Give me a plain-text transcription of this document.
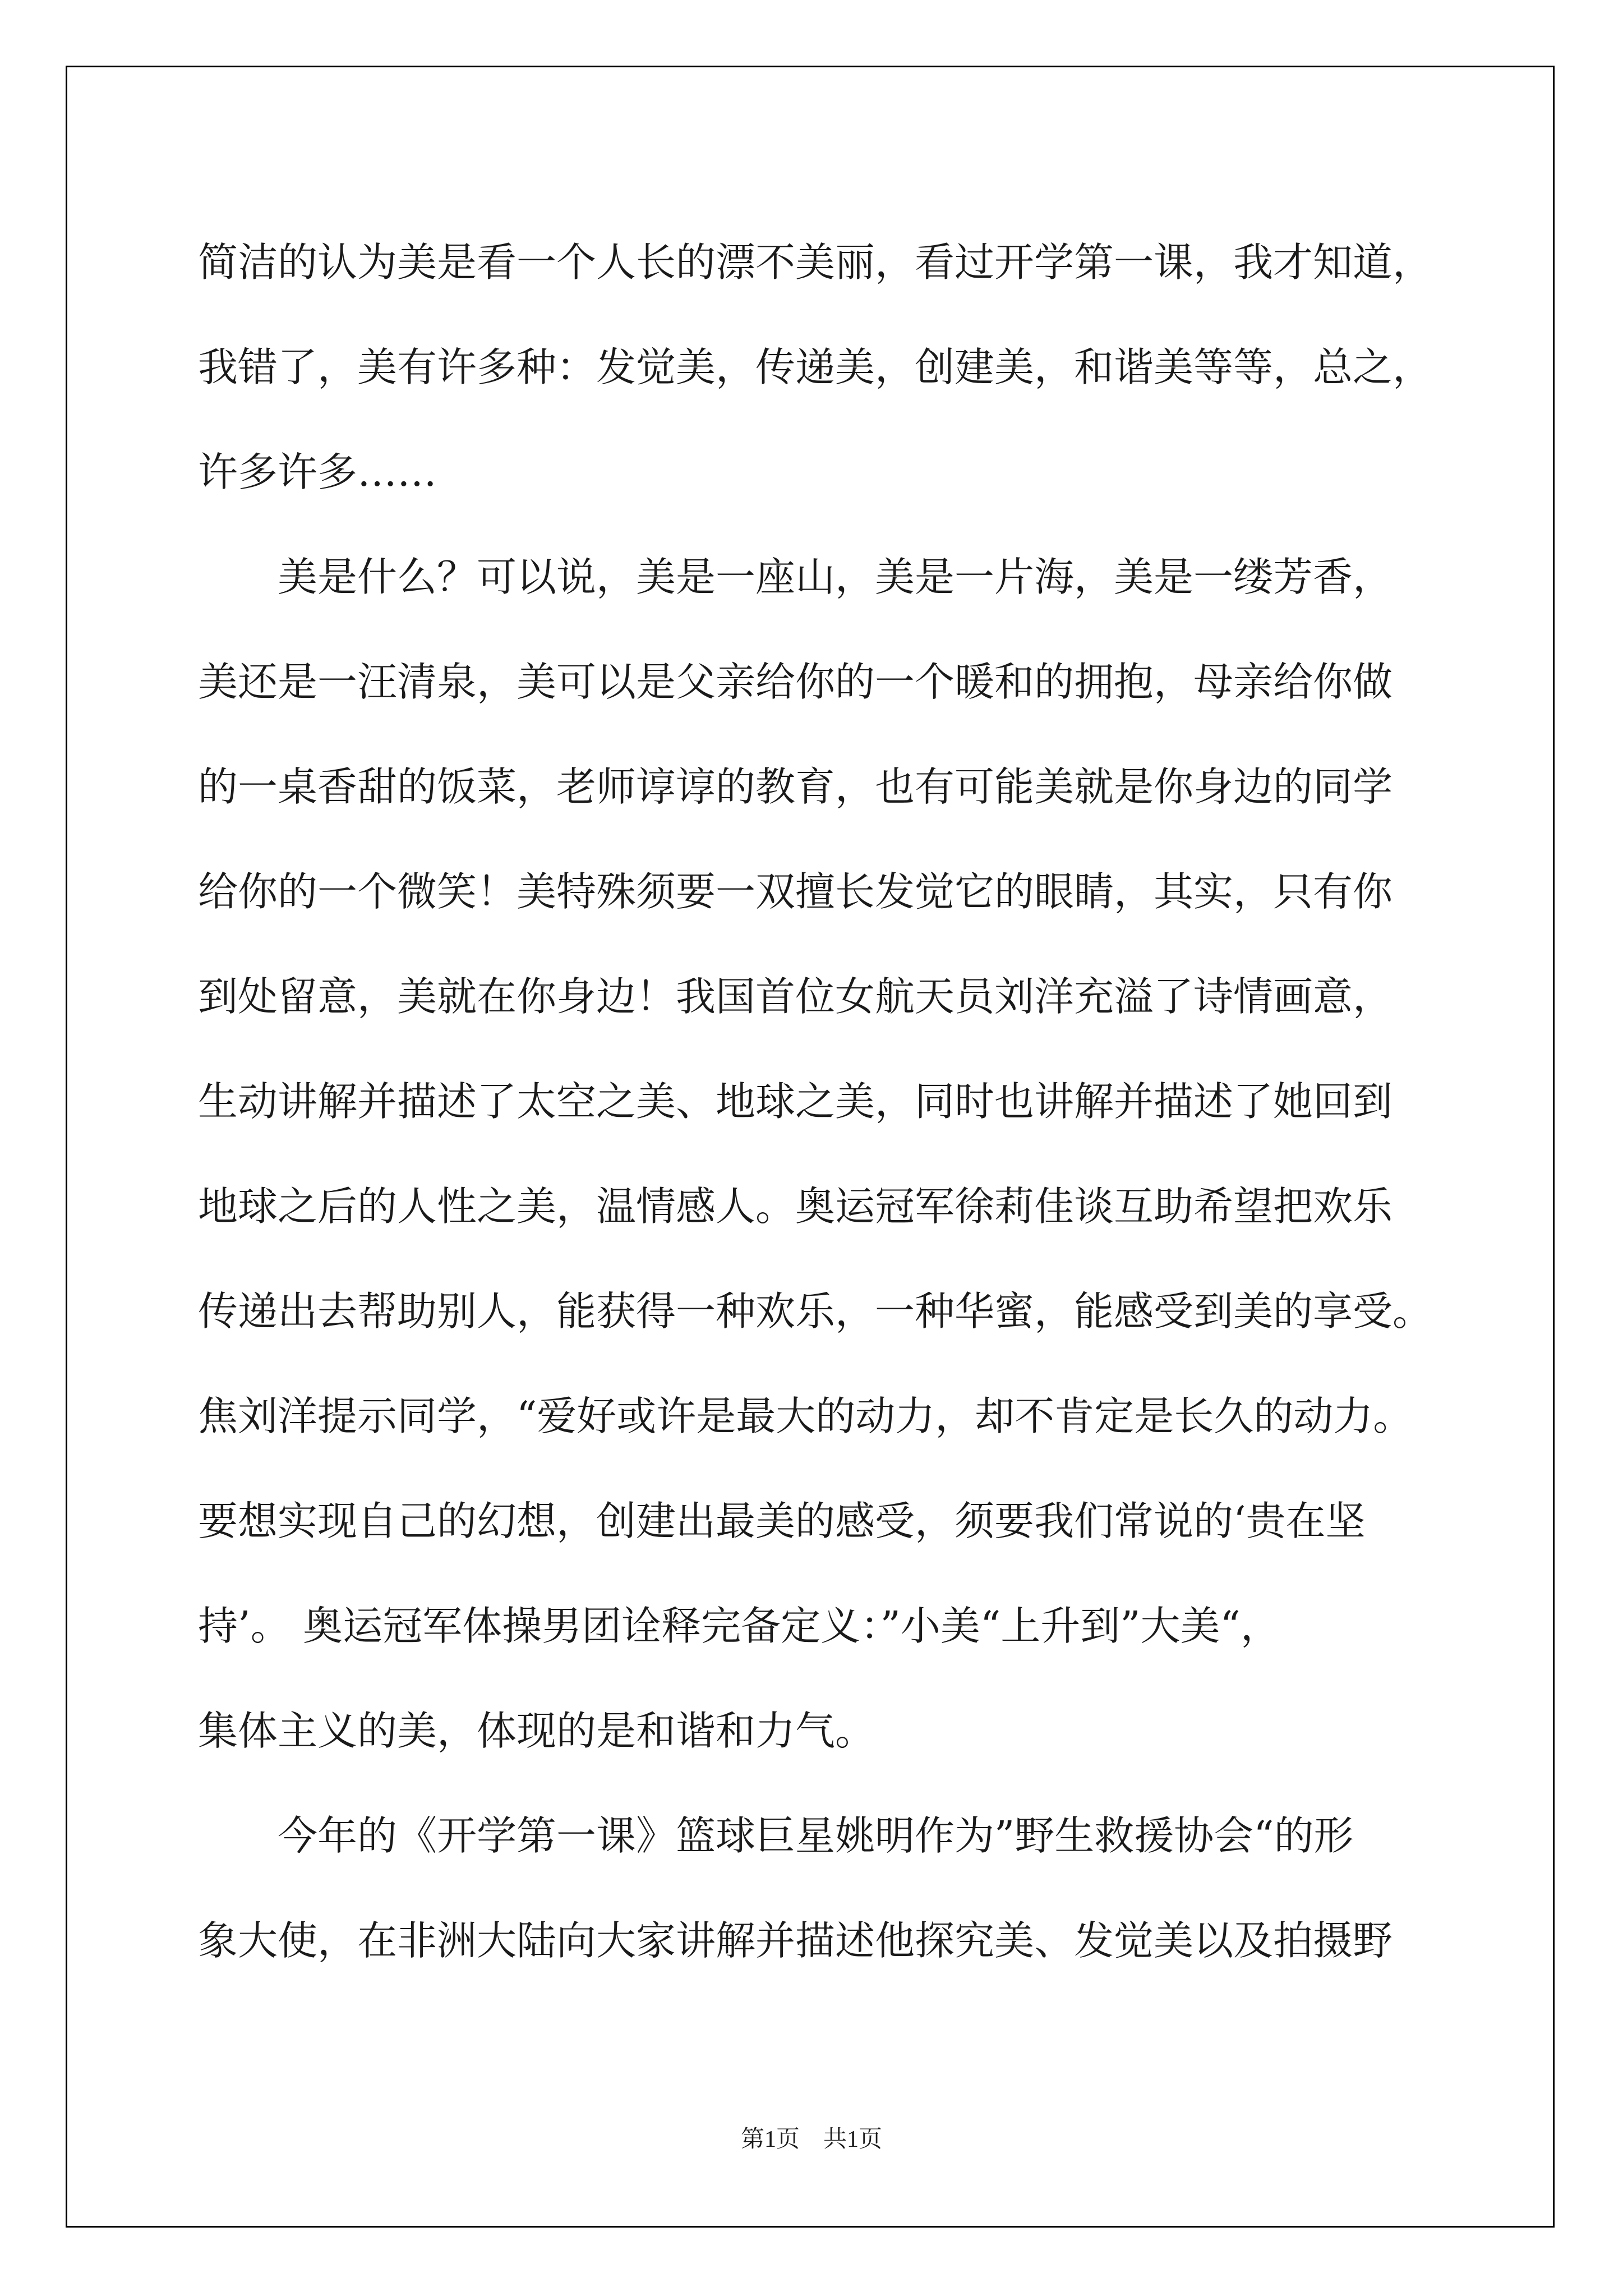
简洁的认为美是看一个人长的漂不美丽，看过开学第一课，我才知道，
我错了，美有许多种：发觉美，传递美，创建美，和谐美等等，总之，
许多许多……
美是什么？可以说，美是一座山，美是一片海，美是一缕芳香，
美还是一汪清泉，美可以是父亲给你的一个暖和的拥抱，母亲给你做
的一桌香甜的饭菜，老师谆谆的教育，也有可能美就是你身边的同学
给你的一个微笑！美特殊须要一双擅长发觉它的眼睛，其实，只有你
到处留意，美就在你身边！我国首位女航天员刘洋充溢了诗情画意，
生动讲解并描述了太空之美、地球之美，同时也讲解并描述了她回到
地球之后的人性之美，温情感人。奥运冠军徐莉佳谈互助希望把欢乐
传递出去帮助别人，能获得一种欢乐，一种华蜜，能感受到美的享受。
焦刘洋提示同学，“爱好或许是最大的动力，却不肯定是长久的动力。
要想实现自己的幻想，创建出最美的感受，须要我们常说的‘贵在坚
持’。 奥运冠军体操男团诠释完备定义：”小美“上升到”大美“，
集体主义的美，体现的是和谐和力气。
今年的《开学第一课》篮球巨星姚明作为”野生救援协会“的形
象大使，在非洲大陆向大家讲解并描述他探究美、发觉美以及拍摄野
第1页　共1页
